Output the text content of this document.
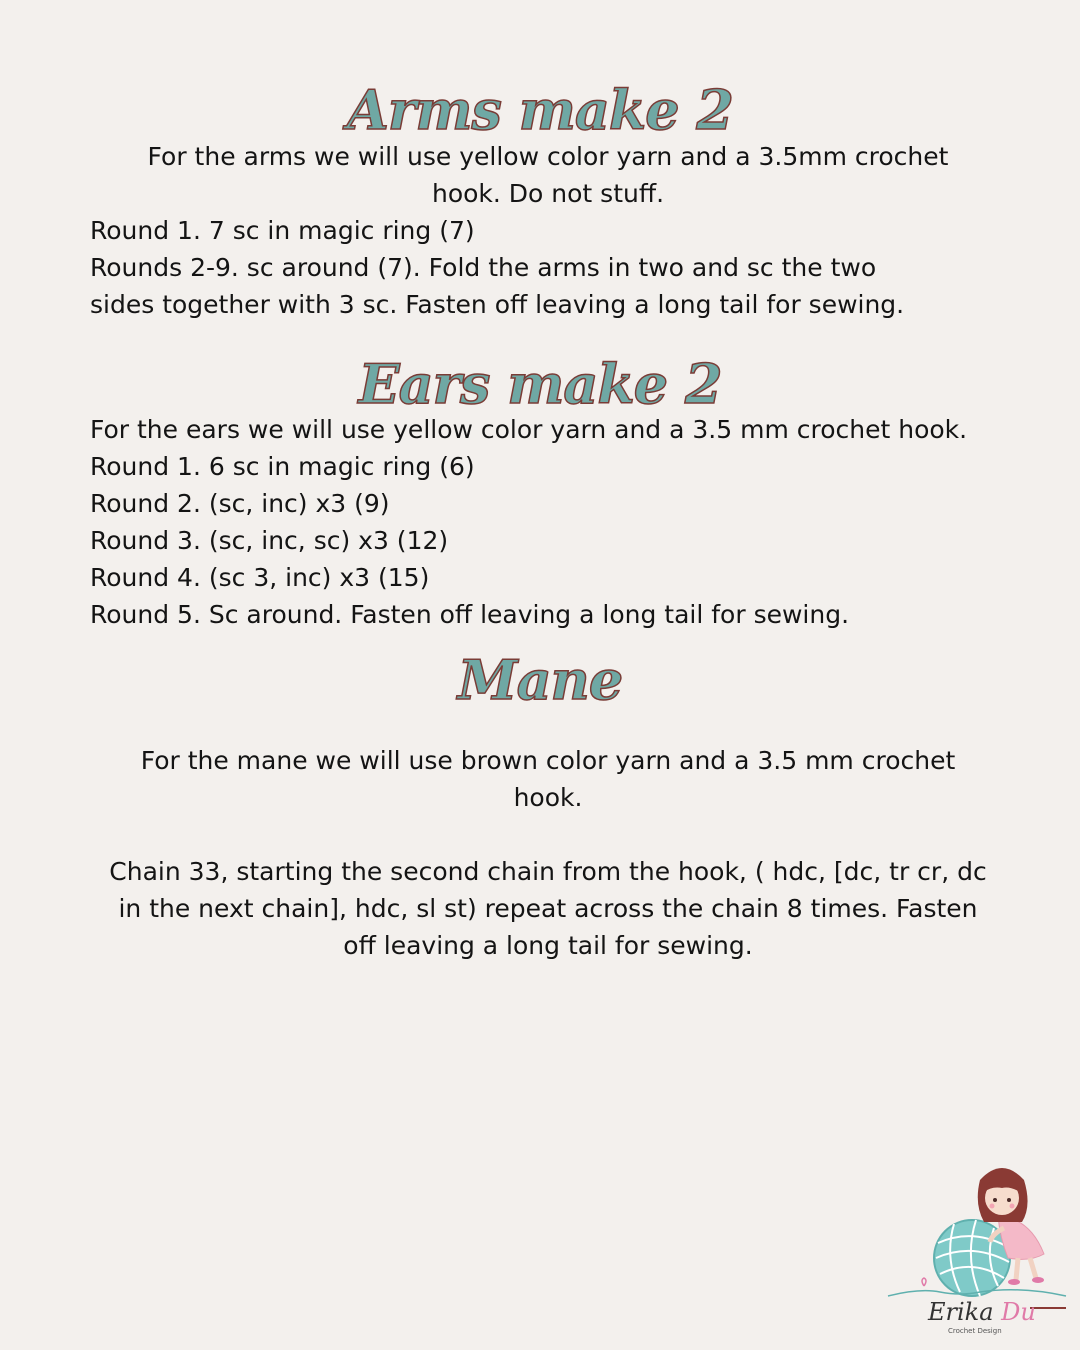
Arms make 2
For the arms we will use yellow color yarn and a 3.5mm crochet
hook. Do not stuff.
Round 1. 7 sc in magic ring (7)
Rounds 2-9. sc around (7). Fold the arms in two and sc the two
sides together with 3 sc. Fasten off leaving a long tail for sewing.
Ears make 2
For the ears we will use yellow color yarn and a 3.5 mm crochet hook.
Round 1. 6 sc in magic ring (6)
Round 2. (sc, inc) x3 (9)
Round 3. (sc, inc, sc) x3 (12)
Round 4. (sc 3, inc) x3 (15)
Round 5. Sc around. Fasten off leaving a long tail for sewing.
Mane
For the mane we will use brown color yarn and a 3.5 mm crochet
hook.
Chain 33, starting the second chain from the hook, ( hdc, [dc, tr cr, dc
in the next chain], hdc, sl st) repeat across the chain 8 times. Fasten
off leaving a long tail for sewing.
Erika Du
Crochet Design
